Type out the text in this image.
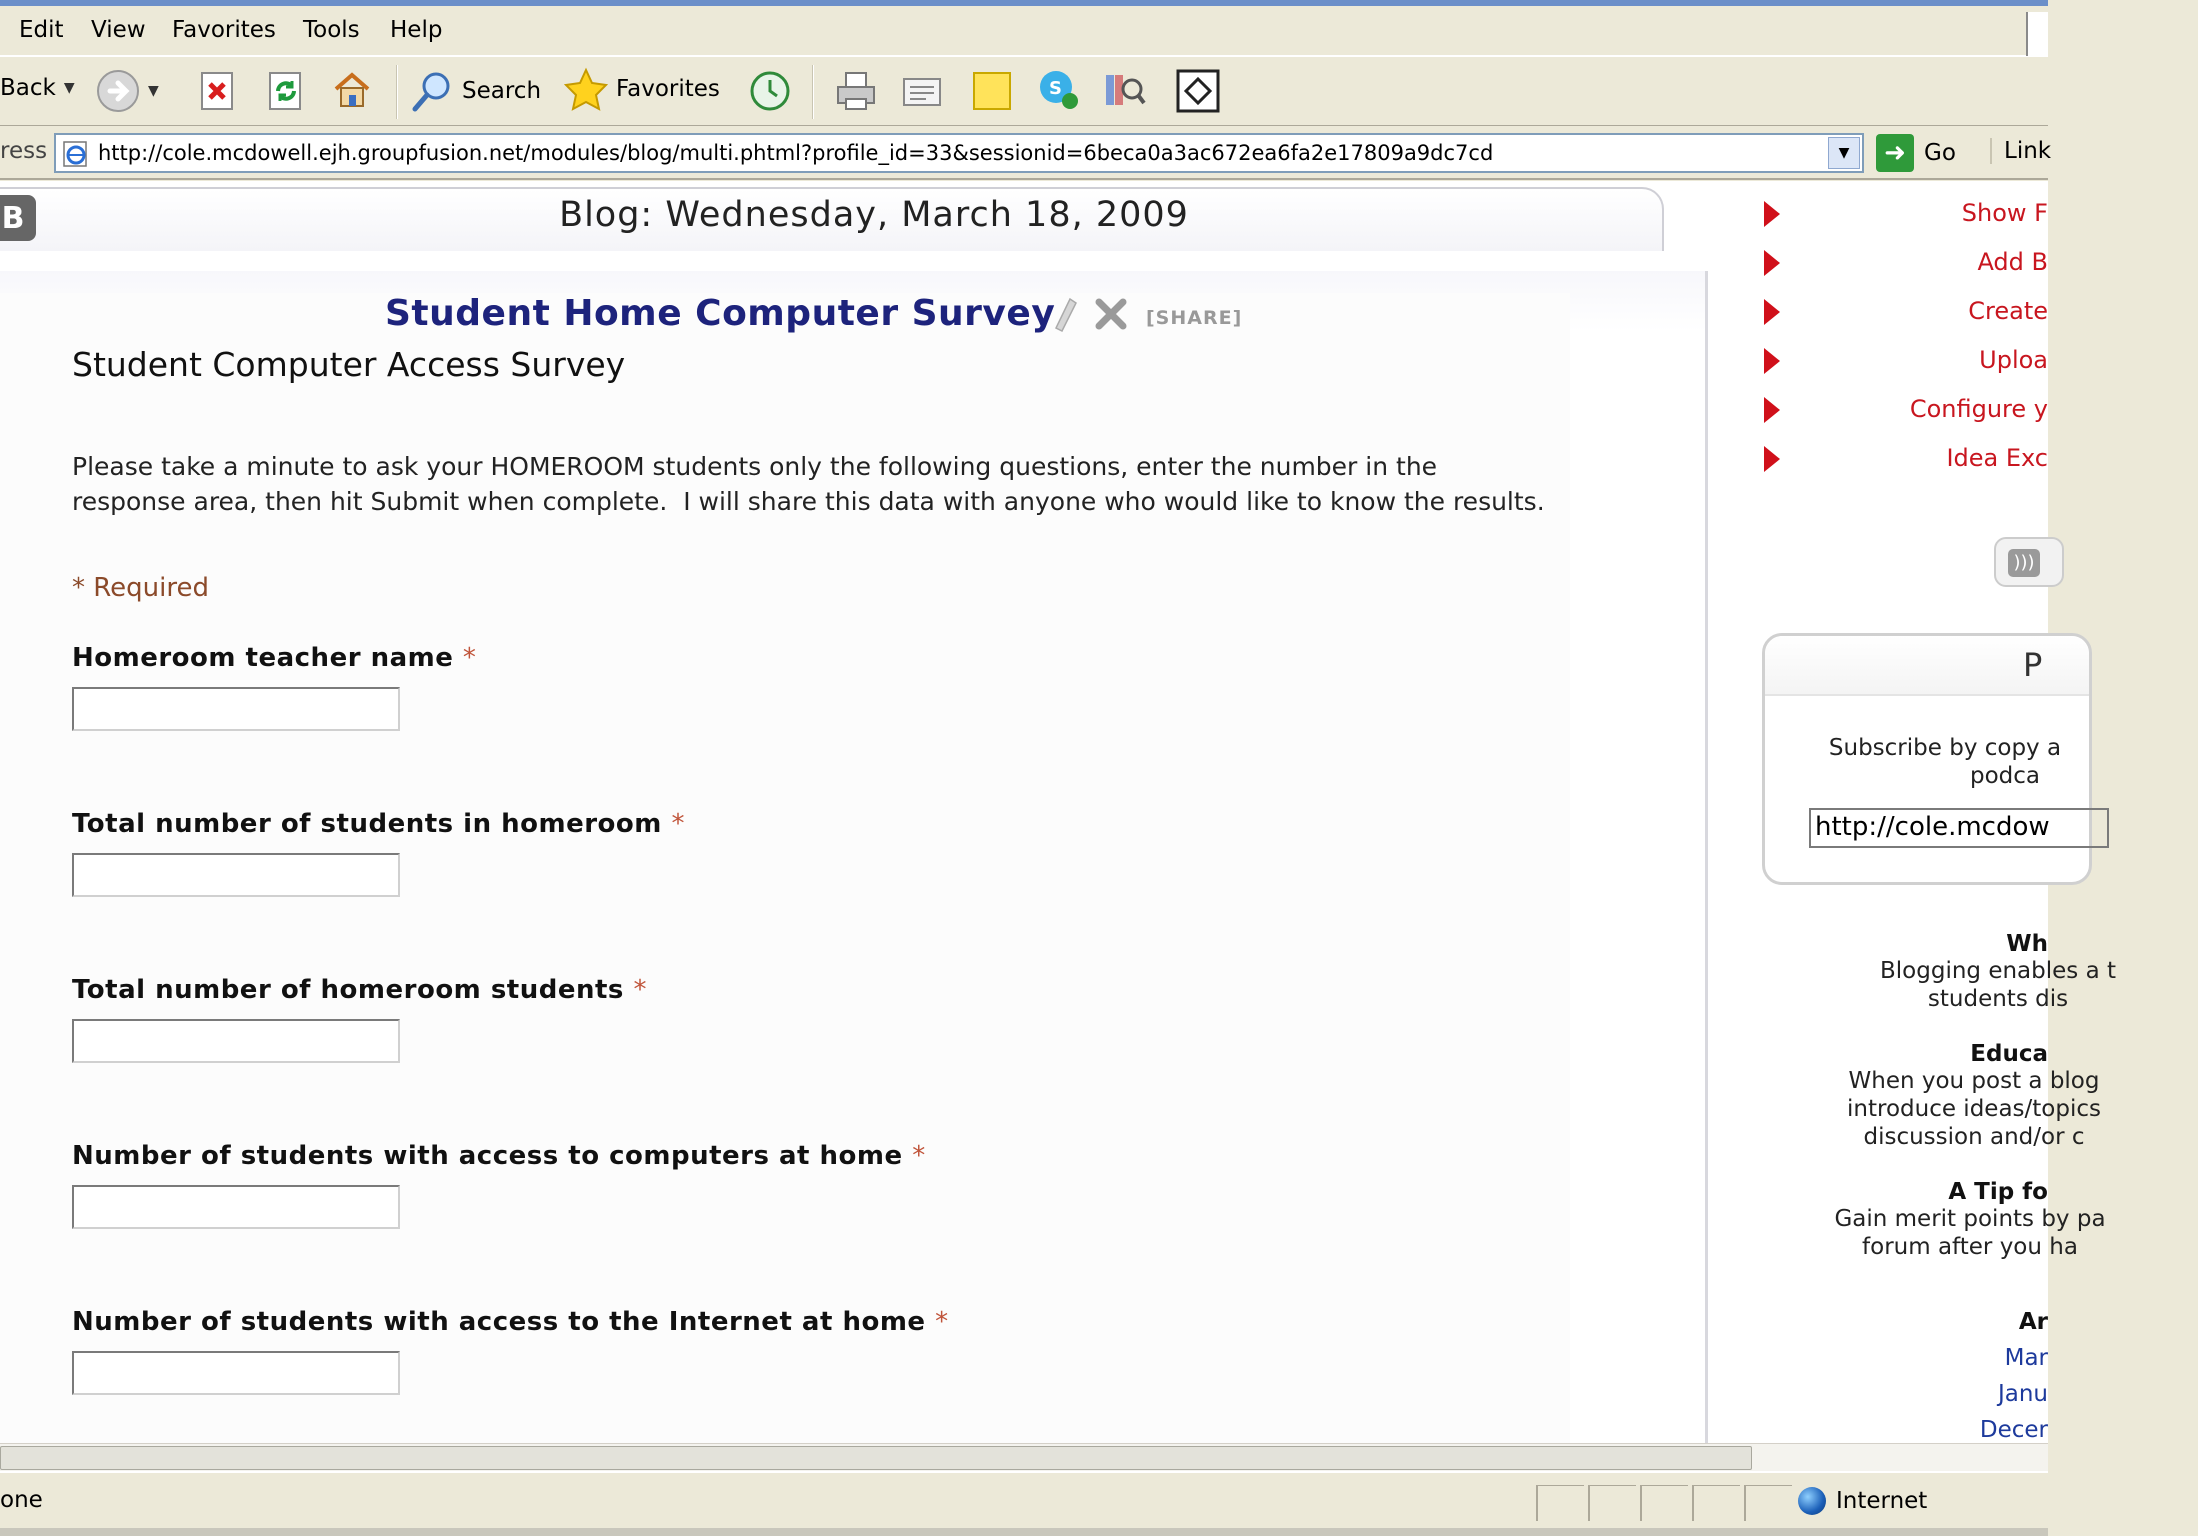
Edit View Favorites Tools Help
Back ▼	▼	Search	Favorites	S
ress http://cole.mcdowell.ejh.groupfusion.net/modules/blog/multi.phtml?profile_id=33&sessionid=6beca0a3ac672ea6fa2e17809a9dc7cd	▼	➜ Go	Link
B	Blog: Wednesday, March 18, 2009
Student Home Computer Survey	[SHARE]
Student Computer Access Survey
Please take a minute to ask your HOMEROOM students only the following questions, enter the number in the
response area, then hit Submit when complete.  I will share this data with anyone who would like to know the results.
* Required
Homeroom teacher name *
Total number of students in homeroom *
Total number of homeroom students *
Number of students with access to computers at home *
Number of students with access to the Internet at home *
Show F
Add B
Create
Uploa
Configure y
Idea Exc
)))
P
Subscribe by copy a
podca
http://cole.mcdow
Wh
Blogging enables a t
students dis
Educa
When you post a blog
introduce ideas/topics
discussion and/or c
A Tip fo
Gain merit points by pa
forum after you ha
Ar
Mar
Janu
Decer
one	Internet
